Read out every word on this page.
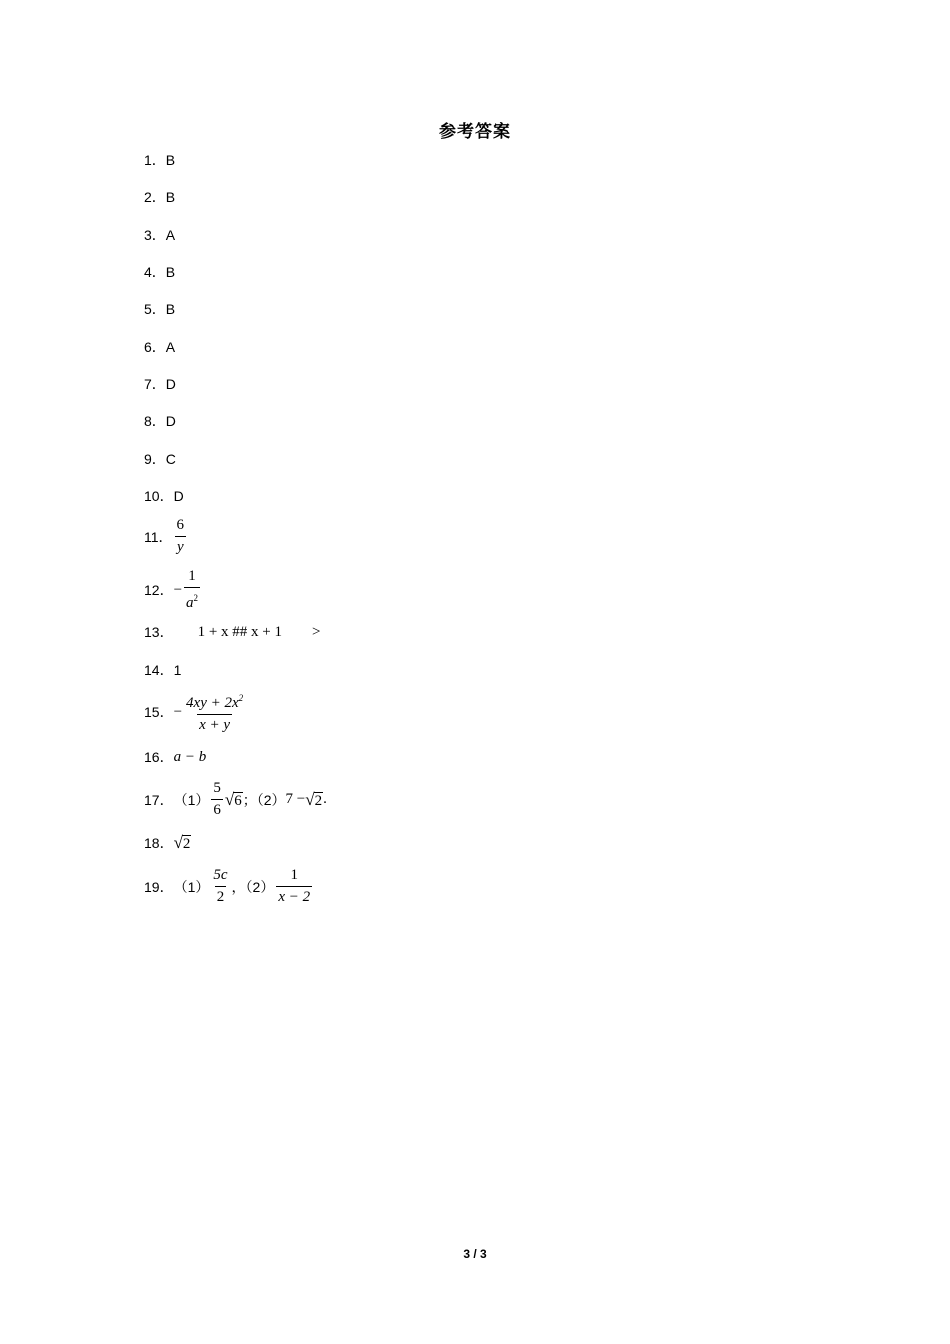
参考答案
1． B
2． B
3． A
4． B
5． B
6． A
7． D
8． D
9． C
10． D
11． $\frac{6}{y}$
12． − $\frac{1}{a^2}$
13． 1 + x ## x + 1 >
14． 1
15． − $\frac{4xy + 2x^2}{x + y}$
16． a − b
17． $(1) \frac{5}{6}$ √ 6 ；（2） 7 − √ 2 .
18． √ 2
19． $(1) \frac{5c}{2}$ ，$(2) \frac{1}{x - 2}$
3 / 3
